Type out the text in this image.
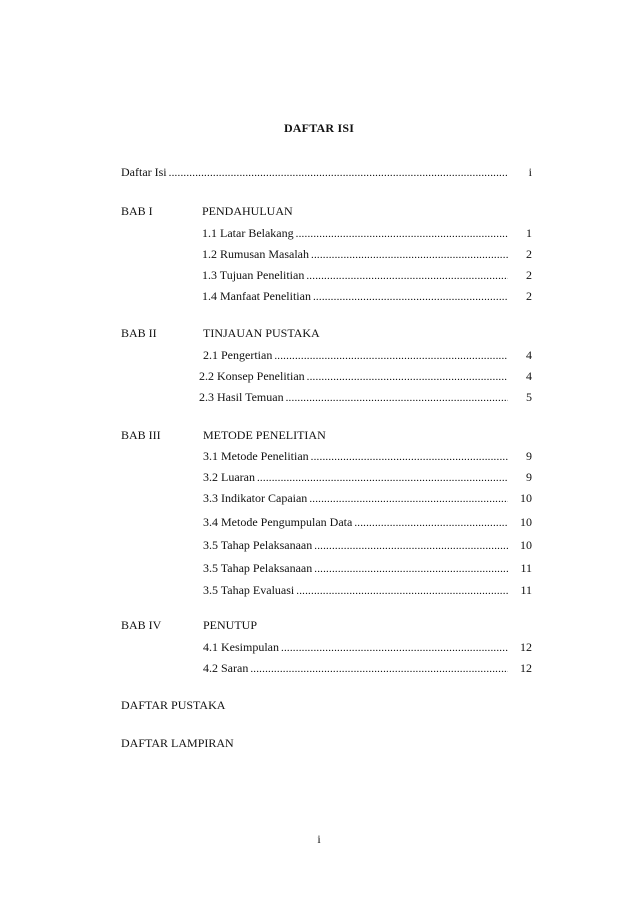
DAFTAR ISI
Daftar Isi .....	i
BAB I	PENDAHULUAN
1.1 Latar Belakang .....	1
1.2 Rumusan Masalah .....	2
1.3 Tujuan Penelitian .....	2
1.4 Manfaat Penelitian .....	2
BAB II	TINJAUAN PUSTAKA
2.1 Pengertian .....	4
2.2 Konsep Penelitian .....	4
2.3 Hasil Temuan .....	5
BAB III	METODE PENELITIAN
3.1 Metode Penelitian .....	9
3.2 Luaran .....	9
3.3 Indikator Capaian .....	10
3.4 Metode Pengumpulan Data .....	10
3.5 Tahap Pelaksanaan .....	10
3.5 Tahap Pelaksanaan .....	11
3.5 Tahap Evaluasi .....	11
BAB IV	PENUTUP
4.1 Kesimpulan .....	12
4.2 Saran .....	12
DAFTAR PUSTAKA
DAFTAR LAMPIRAN
i
